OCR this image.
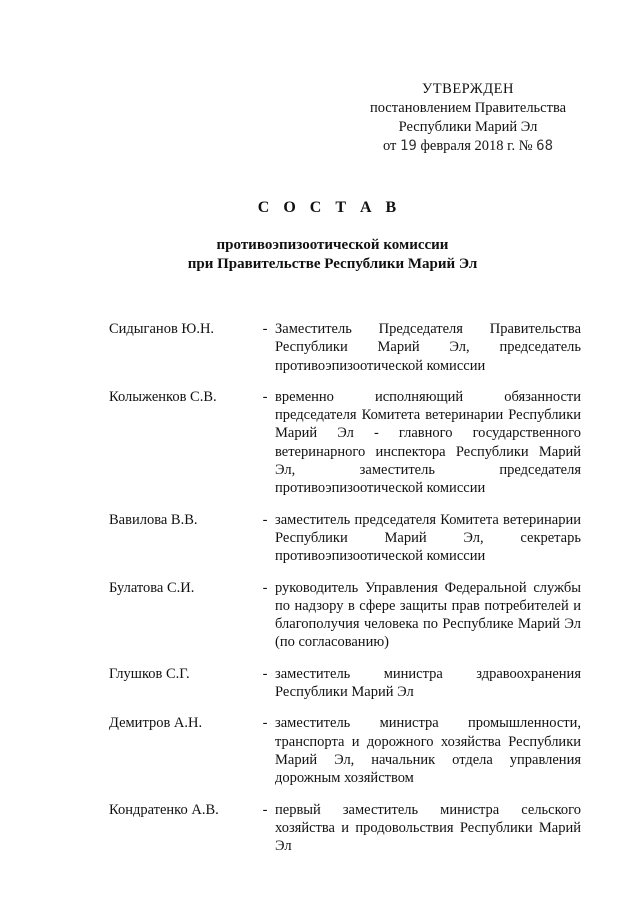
УТВЕРЖДЕН
постановлением Правительства
Республики Марий Эл
от 19 февраля 2018 г. № 68
С О С Т А В
противоэпизоотической комиссии
при Правительстве Республики Марий Эл
Сидыганов Ю.Н.	- Заместитель Председателя Правительства Республики Марий Эл, председатель противоэпизоотической комиссии
Колыженков С.В.	- временно исполняющий обязанности председателя Комитета ветеринарии Республики Марий Эл - главного государственного ветеринарного инспектора Республики Марий Эл, заместитель председателя противоэпизоотической комиссии
Вавилова В.В.	- заместитель председателя Комитета ветеринарии Республики Марий Эл, секретарь противоэпизоотической комиссии
Булатова С.И.	- руководитель Управления Федеральной службы по надзору в сфере защиты прав потребителей и благополучия человека по Республике Марий Эл (по согласованию)
Глушков С.Г.	- заместитель министра здравоохранения Республики Марий Эл
Демитров А.Н.	- заместитель министра промышленности, транспорта и дорожного хозяйства Республики Марий Эл, начальник отдела управления дорожным хозяйством
Кондратенко А.В.	- первый заместитель министра сельского хозяйства и продовольствия Республики Марий Эл
